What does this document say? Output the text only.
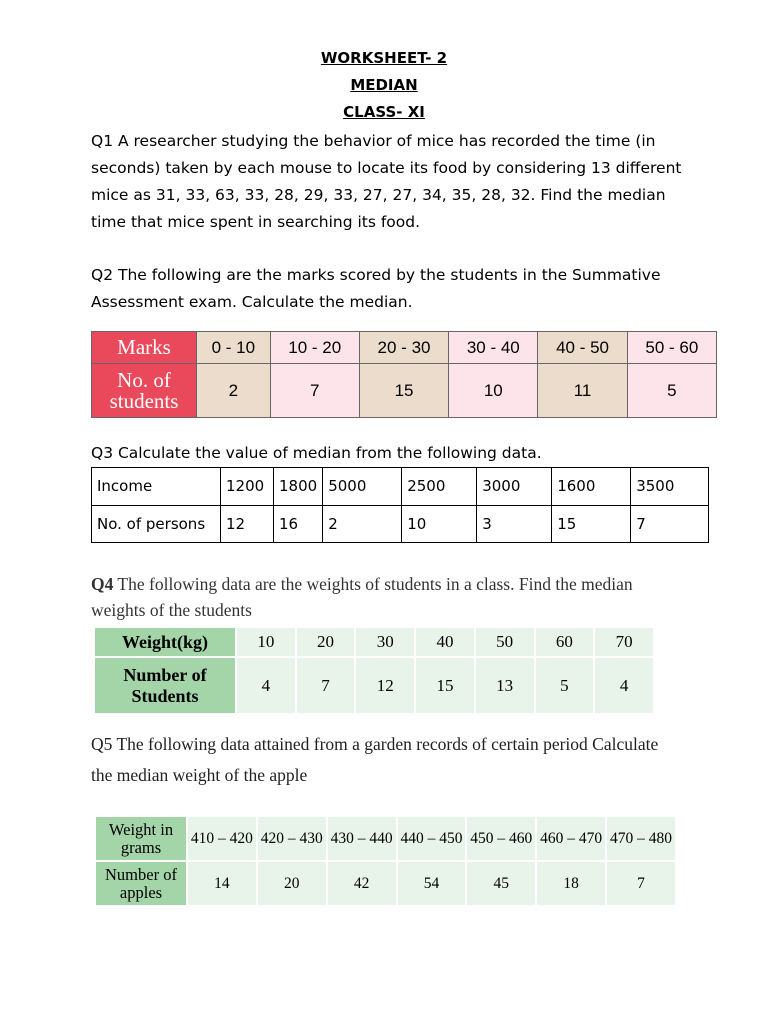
WORKSHEET- 2
MEDIAN
CLASS- XI

Q1 A researcher studying the behavior of mice has recorded the time (in

seconds) taken by each mouse to locate its food by considering 13 different

mice as 31, 33, 63, 33, 28, 29, 33, 27, 27, 34, 35, 28, 32. Find the median

time that mice spent in searching its food.

Q2 The following are the marks scored by the students in the Summative

Assessment exam. Calculate the median.

Marks	0 - 10	10 - 20	20 - 30	30 - 40	40 - 50	50 - 60

No. of
students	2	7	15	10	11	5

Q3 Calculate the value of median from the following data.

Income	1200	1800	5000	2500	3000	1600	3500
No. of persons	12	16	2	10	3	15	7

Q4 The following data are the weights of students in a class. Find the median

weights of the students

Weight(kg)	10	20	30	40	50	60	70

Number of
Students	4	7	12	15	13	5	4

Q5 The following data attained from a garden records of certain period Calculate

the median weight of the apple

Weight in
grams	410 – 420	420 – 430	430 – 440	440 – 450	450 – 460	460 – 470	470 – 480

Number of
apples	14	20	42	54	45	18	7
